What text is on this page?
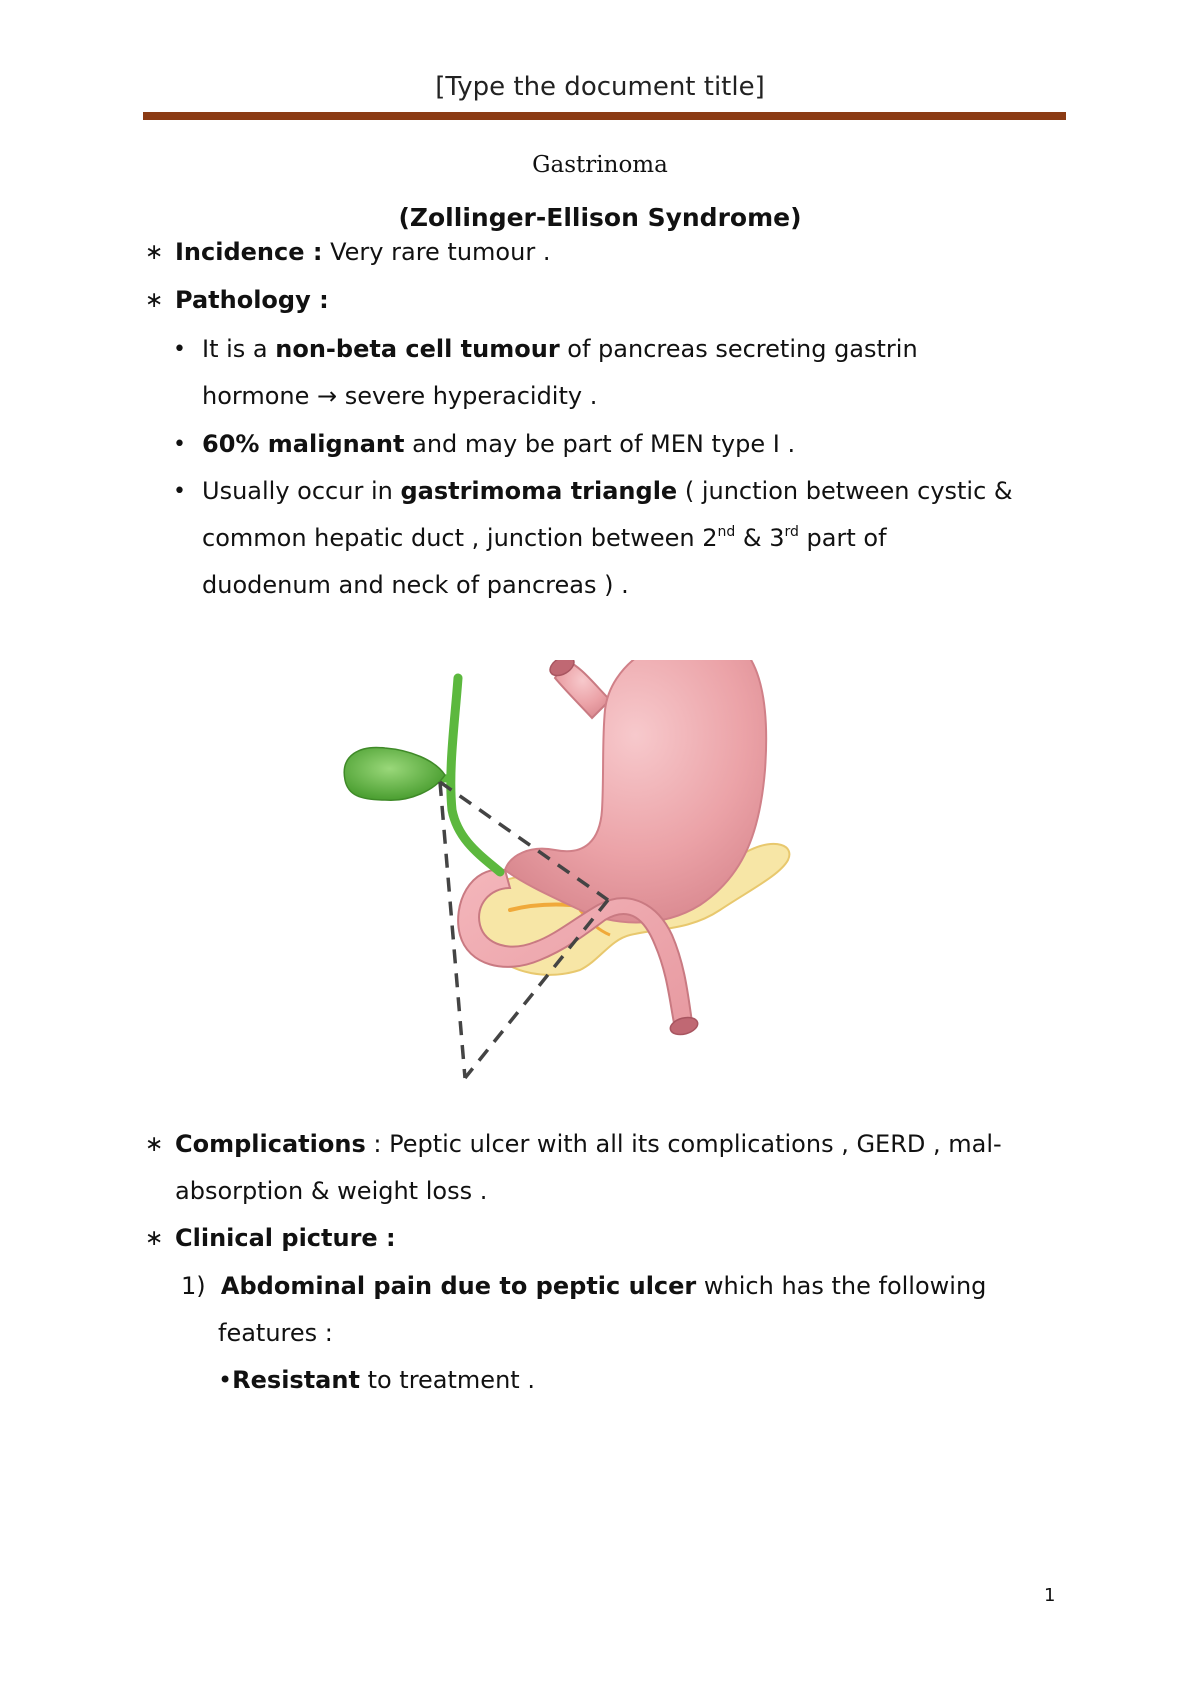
[Type the document title]
Gastrinoma
(Zollinger-Ellison Syndrome)
∗ Incidence : Very rare tumour .
∗ Pathology :
• It is a non-beta cell tumour of pancreas secreting gastrin
hormone → severe hyperacidity .
• 60% malignant and may be part of MEN type I .
• Usually occur in gastrimoma triangle ( junction between cystic &
common hepatic duct , junction between 2nd & 3rd part of
duodenum and neck of pancreas ) .
∗ Complications : Peptic ulcer with all its complications , GERD , mal-
absorption & weight loss .
∗ Clinical picture :
1) Abdominal pain due to peptic ulcer which has the following
features :
•Resistant to treatment .
1
